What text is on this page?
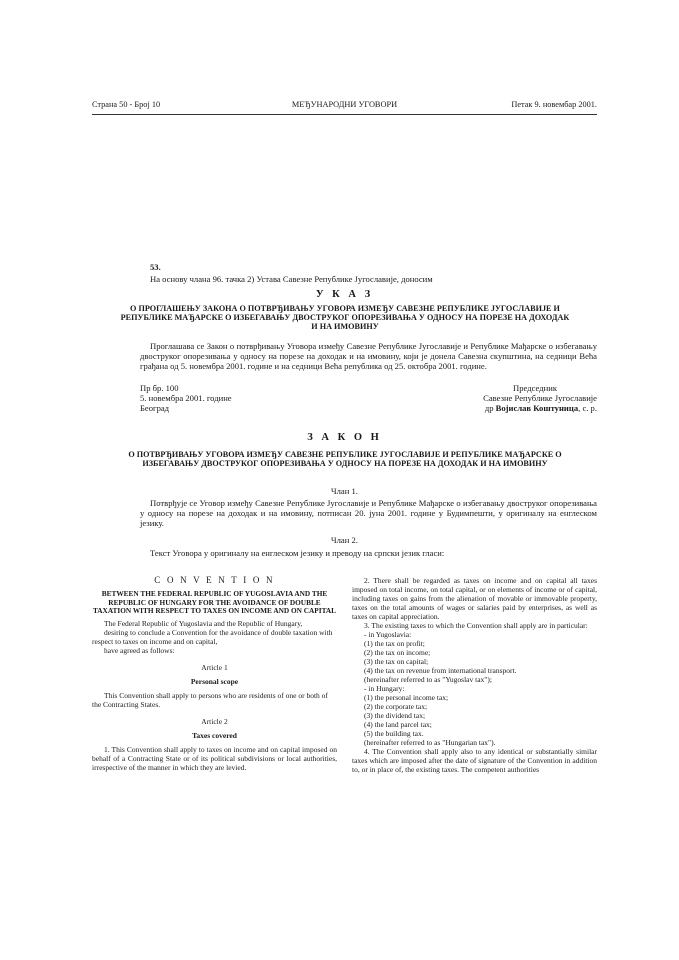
Страна 50 - Број 10	МЕЂУНАРОДНИ УГОВОРИ	Петак 9. новембар 2001.
53.
На основу члана 96. тачка 2) Устава Савезне Републике Југославије, доносим
У К А З
О ПРОГЛАШЕЊУ ЗАКОНА О ПОТВРЂИВАЊУ УГОВОРА ИЗМЕЂУ САВЕЗНЕ РЕПУБЛИКЕ ЈУГОСЛАВИЈЕ И РЕПУБЛИКЕ МАЂАРСКЕ О ИЗБЕГАВАЊУ ДВОСТРУКОГ ОПОРЕЗИВАЊА У ОДНОСУ НА ПОРЕЗЕ НА ДОХОДАК И НА ИМОВИНУ
Проглашава се Закон о потврђивању Уговора између Савезне Републике Југославије и Републике Мађарске о избегавању двоструког опорезивања у односу на порезе на доходак и на имовину, који је донела Савезна скупштина, на седници Већа грађана од 5. новембра 2001. године и на седници Већа република од 25. октобра 2001. године.
Пр бр. 100
5. новембра 2001. године
Београд
Председник
Савезне Републике Југославије
др Војислав Коштуница, с. р.
З А К О Н
О ПОТВРЂИВАЊУ УГОВОРА ИЗМЕЂУ САВЕЗНЕ РЕПУБЛИКЕ ЈУГОСЛАВИЈЕ И РЕПУБЛИКЕ МАЂАРСКЕ О ИЗБЕГАВАЊУ ДВОСТРУКОГ ОПОРЕЗИВАЊА У ОДНОСУ НА ПОРЕЗЕ НА ДОХОДАК И НА ИМОВИНУ
Члан 1.
Потврђује се Уговор између Савезне Републике Југославије и Републике Мађарске о избегавању двоструког опорезивања у односу на порезе на доходак и на имовину, потписан 20. јуна 2001. године у Будимпешти, у оригиналу на енглеском језику.
Члан 2.
Текст Уговора у оригиналу на енглеском језику и преводу на српски језик гласи:

C O N V E N T I O N

BETWEEN THE FEDERAL REPUBLIC OF YUGOSLAVIA AND THE REPUBLIC OF HUNGARY FOR THE AVOIDANCE OF DOUBLE TAXATION WITH RESPECT TO TAXES ON INCOME AND ON CAPITAL

The Federal Republic of Yugoslavia and the Republic of Hungary,

desiring to conclude a Convention for the avoidance of double taxation with respect to taxes on income and on capital,

have agreed as follows:

Article 1

Personal scope

This Convention shall apply to persons who are residents of one or both of the Contracting States.

Article 2

Taxes covered

1. This Convention shall apply to taxes on income and on capital imposed on behalf of a Contracting State or of its political subdivisions or local authorities, irrespective of the manner in which they are levied.

2. There shall be regarded as taxes on income and on capital all taxes imposed on total income, on total capital, or on elements of income or of capital, including taxes on gains from the alienation of movable or immovable property, taxes on the total amounts of wages or salaries paid by enterprises, as well as taxes on capital appreciation.

3. The existing taxes to which the Convention shall apply are in particular:

- in Yugoslavia:

(1) the tax on profit;

(2) the tax on income;

(3) the tax on capital;

(4) the tax on revenue from international transport.

(hereinafter referred to as "Yugoslav tax");

- in Hungary:

(1) the personal income tax;

(2) the corporate tax;

(3) the dividend tax;

(4) the land parcel tax;

(5) the building tax.

(hereinafter referred to as "Hungarian tax").

4. The Convention shall apply also to any identical or substantially similar taxes which are imposed after the date of signature of the Convention in addition to, or in place of, the existing taxes. The competent authorities
